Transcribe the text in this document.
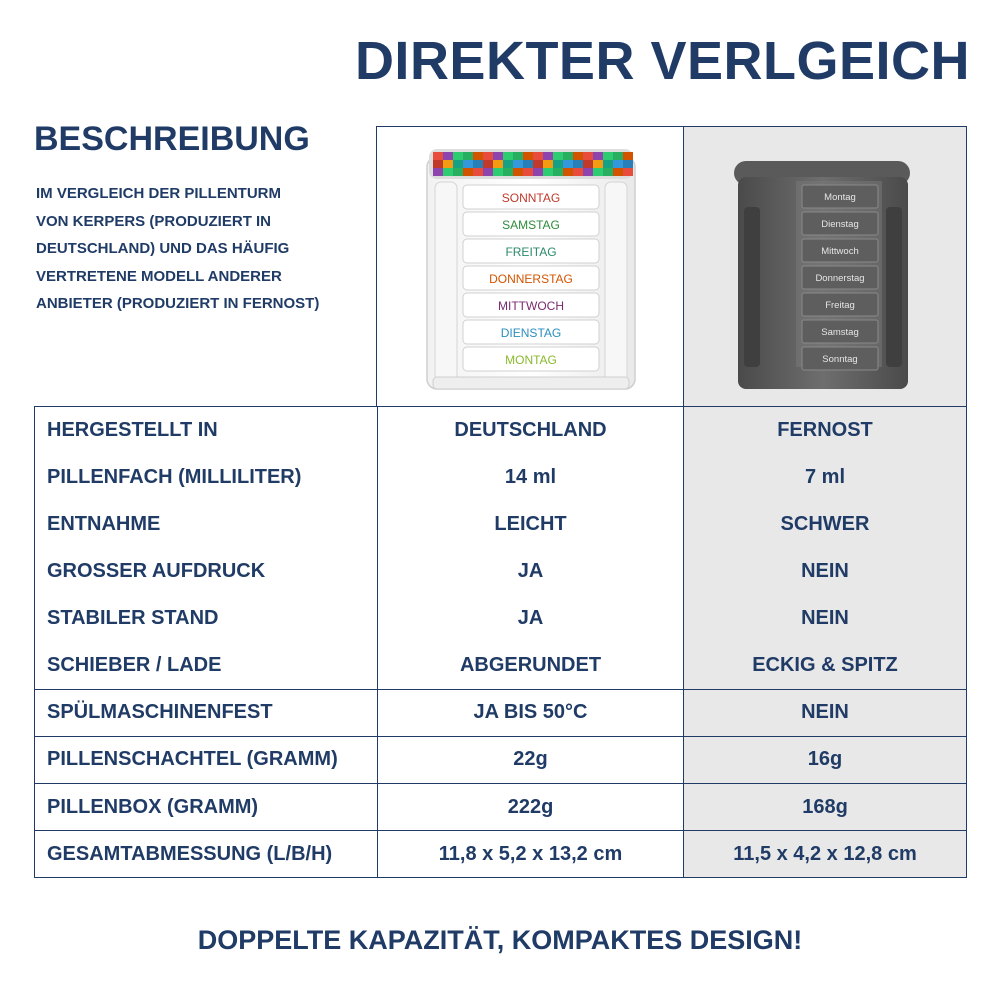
DIREKTER VERLGEICH
BESCHREIBUNG
IM VERGLEICH DER PILLENTURM
VON KERPERS (PRODUZIERT IN
DEUTSCHLAND) UND DAS HÄUFIG
VERTRETENE MODELL ANDERER
ANBIETER (PRODUZIERT IN FERNOST)
SONNTAG
SAMSTAG
FREITAG
DONNERSTAG
MITTWOCH
DIENSTAG
MONTAG
Montag
Dienstag
Mittwoch
Donnerstag
Freitag
Samstag
Sonntag
HERGESTELLT IN	DEUTSCHLAND	FERNOST
PILLENFACH (MILLILITER)	14 ml	7 ml
ENTNAHME	LEICHT	SCHWER
GROSSER AUFDRUCK	JA	NEIN
STABILER STAND	JA	NEIN
SCHIEBER / LADE	ABGERUNDET	ECKIG & SPITZ
SPÜLMASCHINENFEST	JA BIS 50°C	NEIN
PILLENSCHACHTEL (GRAMM)	22g	16g
PILLENBOX (GRAMM)	222g	168g
GESAMTABMESSUNG (L/B/H)	11,8 x 5,2 x 13,2 cm	11,5 x 4,2 x 12,8 cm
DOPPELTE KAPAZITÄT, KOMPAKTES DESIGN!
